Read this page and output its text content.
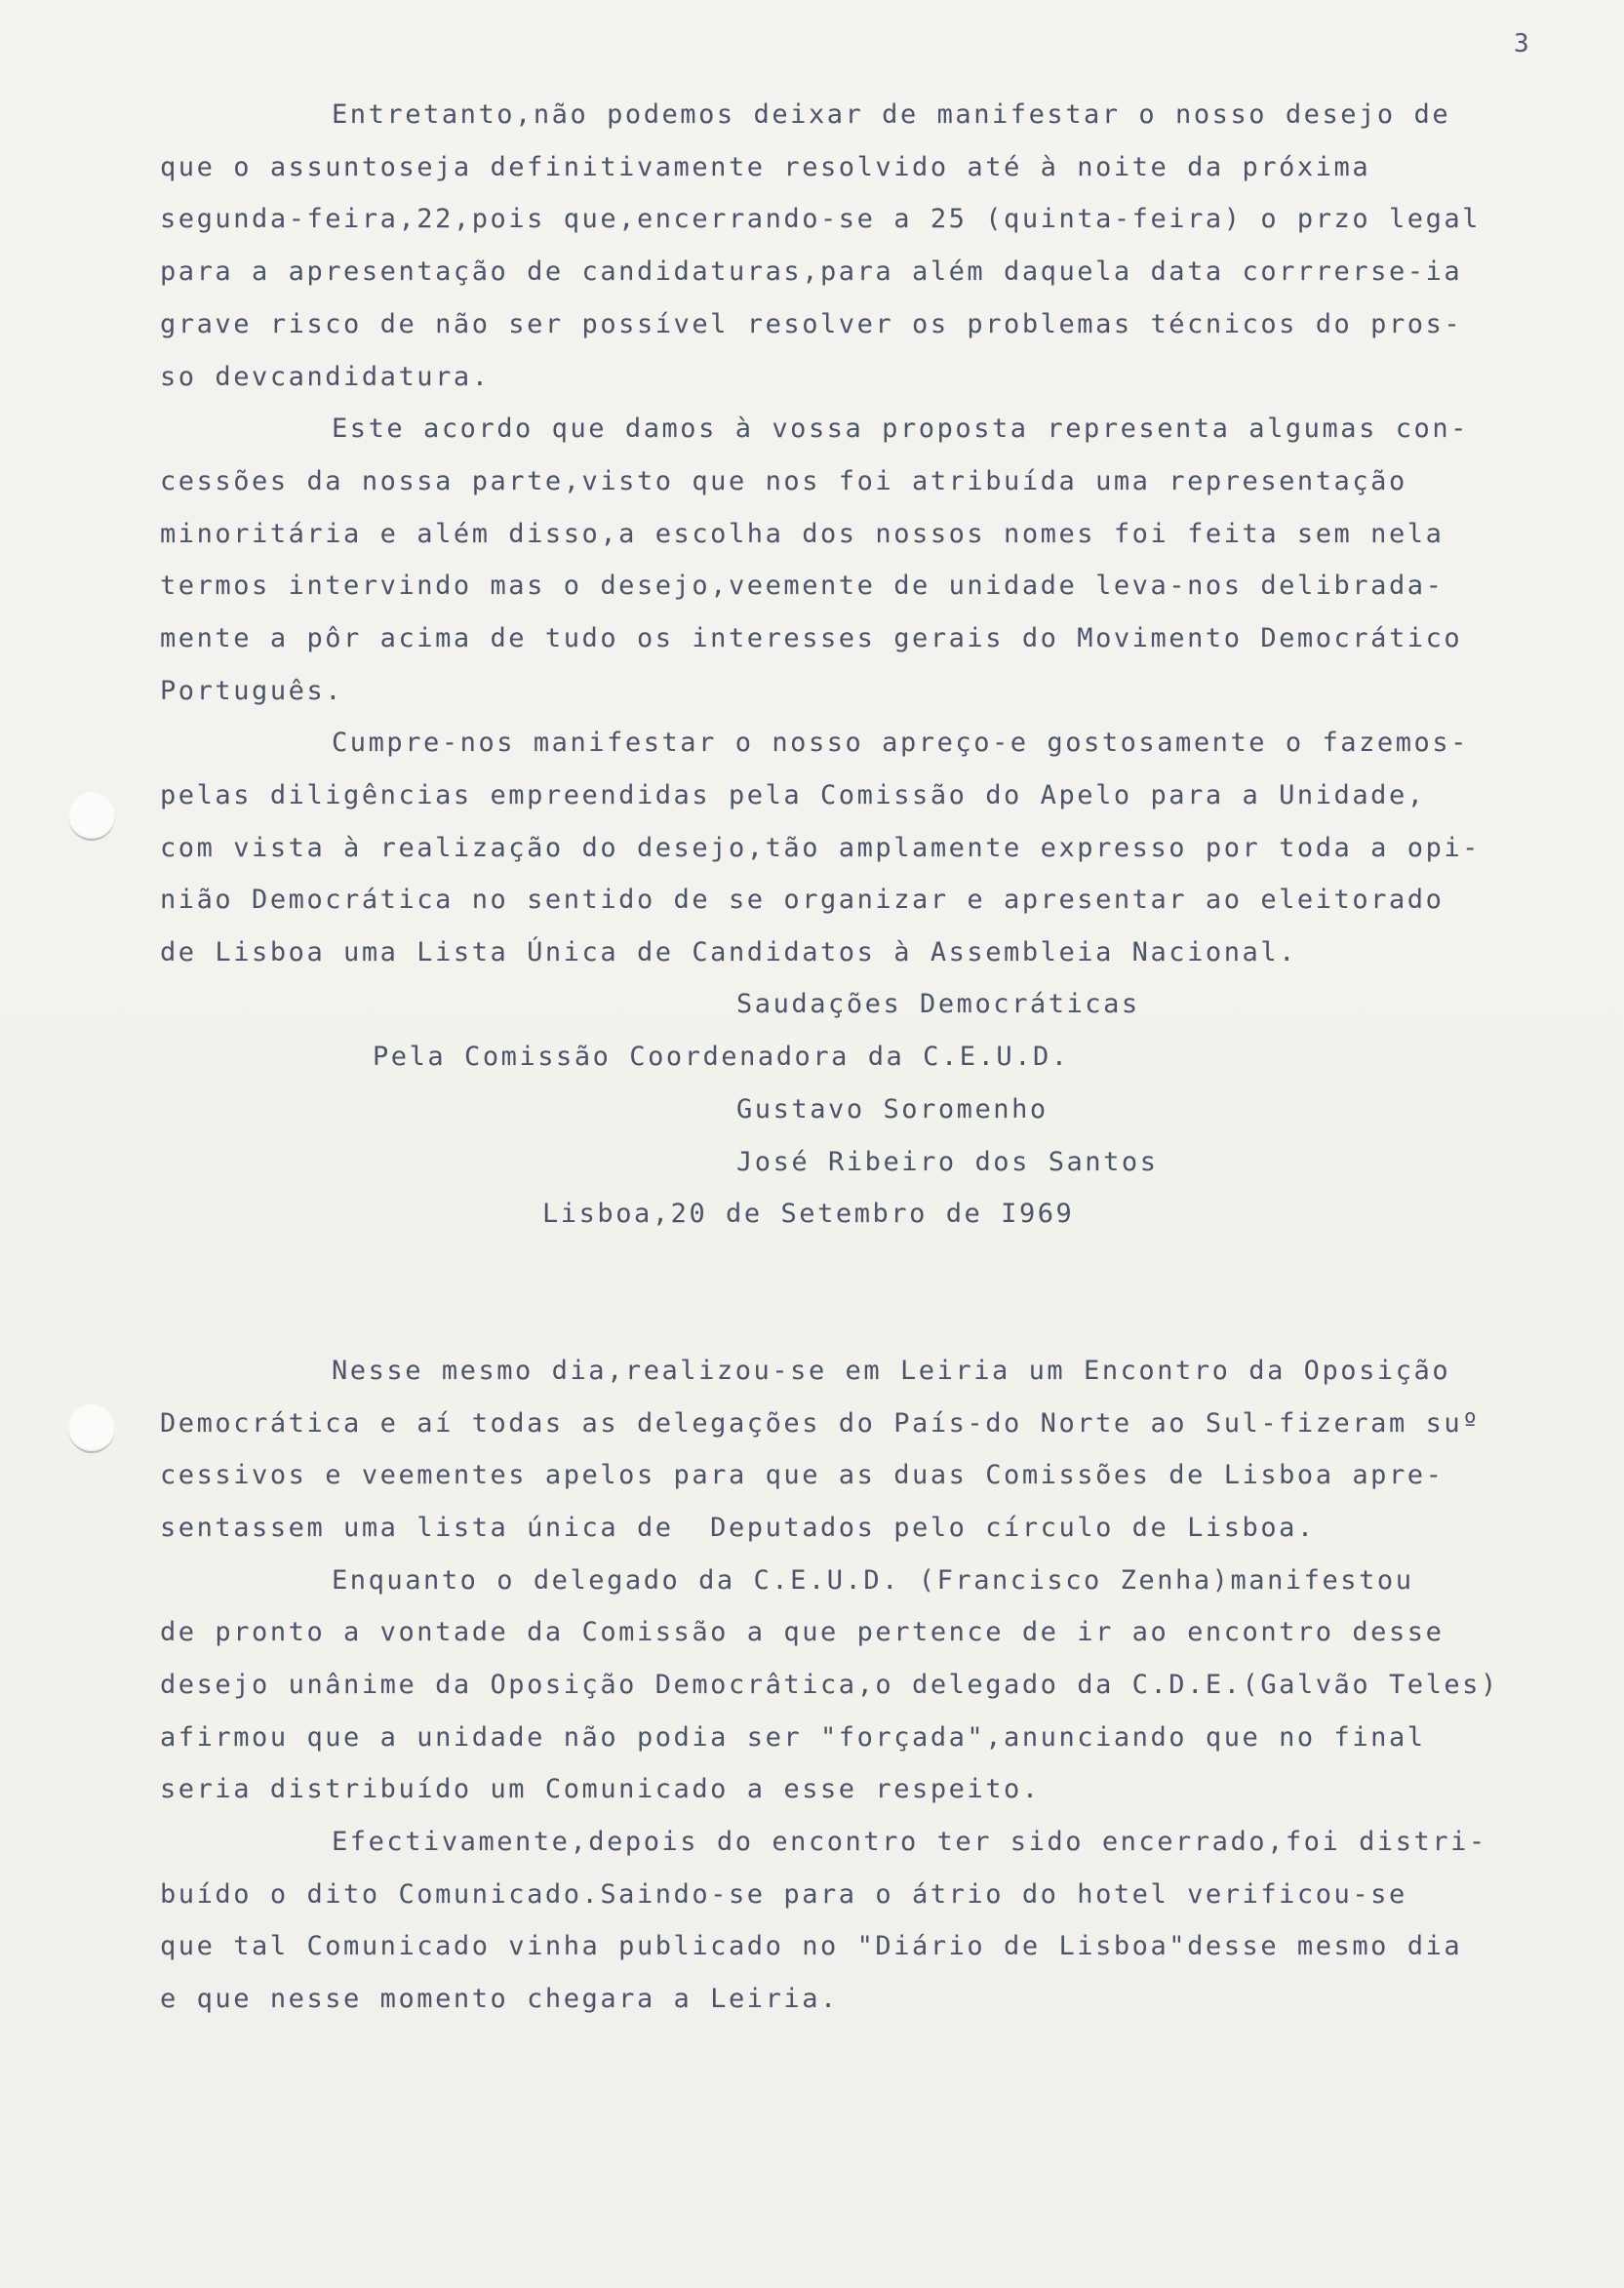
3
Entretanto,não podemos deixar de manifestar o nosso desejo de
que o assuntoseja definitivamente resolvido até à noite da próxima
segunda-feira,22,pois que,encerrando-se a 25 (quinta-feira) o przo legal
para a apresentação de candidaturas,para além daquela data corrrerse-ia
grave risco de não ser possível resolver os problemas técnicos do pros-
so devcandidatura.
Este acordo que damos à vossa proposta representa algumas con-
cessões da nossa parte,visto que nos foi atribuída uma representação
minoritária e além disso,a escolha dos nossos nomes foi feita sem nela
termos intervindo mas o desejo,veemente de unidade leva-nos delibrada-
mente a pôr acima de tudo os interesses gerais do Movimento Democrático
Português.
Cumpre-nos manifestar o nosso apreço-e gostosamente o fazemos-
pelas diligências empreendidas pela Comissão do Apelo para a Unidade,
com vista à realização do desejo,tão amplamente expresso por toda a opi-
nião Democrática no sentido de se organizar e apresentar ao eleitorado
de Lisboa uma Lista Única de Candidatos à Assembleia Nacional.
Saudações Democráticas
Pela Comissão Coordenadora da C.E.U.D.
Gustavo Soromenho
José Ribeiro dos Santos
Lisboa,20 de Setembro de I969
Nesse mesmo dia,realizou-se em Leiria um Encontro da Oposição
Democrática e aí todas as delegações do País-do Norte ao Sul-fizeram suº
cessivos e veementes apelos para que as duas Comissões de Lisboa apre-
sentassem uma lista única de  Deputados pelo círculo de Lisboa.
Enquanto o delegado da C.E.U.D. (Francisco Zenha)manifestou
de pronto a vontade da Comissão a que pertence de ir ao encontro desse
desejo unânime da Oposição Democrâtica,o delegado da C.D.E.(Galvão Teles)
afirmou que a unidade não podia ser "forçada",anunciando que no final
seria distribuído um Comunicado a esse respeito.
Efectivamente,depois do encontro ter sido encerrado,foi distri-
buído o dito Comunicado.Saindo-se para o átrio do hotel verificou-se
que tal Comunicado vinha publicado no "Diário de Lisboa"desse mesmo dia
e que nesse momento chegara a Leiria.
